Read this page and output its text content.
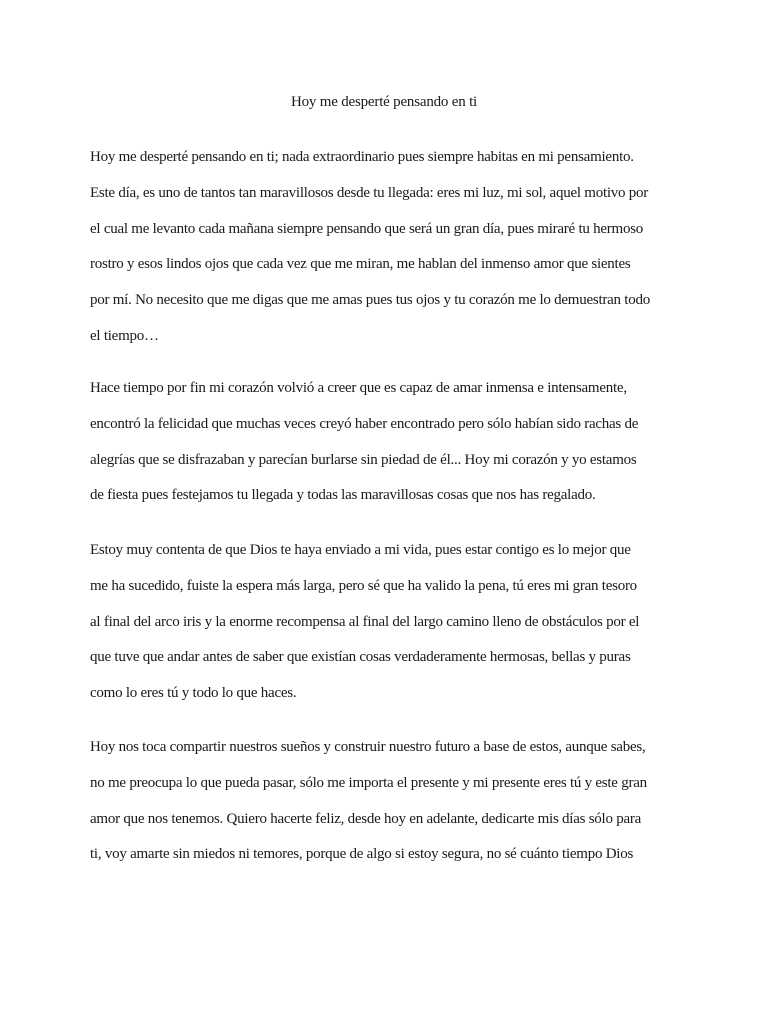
Hoy me desperté pensando en ti
Hoy me desperté pensando en ti; nada extraordinario pues siempre habitas en mi pensamiento.
Este día, es uno de tantos tan maravillosos desde tu llegada: eres mi luz, mi sol, aquel motivo por
el cual me levanto cada mañana siempre pensando que será un gran día, pues miraré tu hermoso
rostro y esos lindos ojos que cada vez que me miran, me hablan del inmenso amor que sientes
por mí. No necesito que me digas que me amas pues tus ojos y tu corazón me lo demuestran todo
el tiempo…
Hace tiempo por fin mi corazón volvió a creer que es capaz de amar inmensa e intensamente,
encontró la felicidad que muchas veces creyó haber encontrado pero sólo habían sido rachas de
alegrías que se disfrazaban y parecían burlarse sin piedad de él... Hoy mi corazón y yo estamos
de fiesta pues festejamos tu llegada y todas las maravillosas cosas que nos has regalado.
Estoy muy contenta de que Dios te haya enviado a mi vida, pues estar contigo es lo mejor que
me ha sucedido, fuiste la espera más larga, pero sé que ha valido la pena, tú eres mi gran tesoro
al final del arco iris y la enorme recompensa al final del largo camino lleno de obstáculos por el
que tuve que andar antes de saber que existían cosas verdaderamente hermosas, bellas y puras
como lo eres tú y todo lo que haces.
Hoy nos toca compartir nuestros sueños y construir nuestro futuro a base de estos, aunque sabes,
no me preocupa lo que pueda pasar, sólo me importa el presente y mi presente eres tú y este gran
amor que nos tenemos. Quiero hacerte feliz, desde hoy en adelante, dedicarte mis días sólo para
ti, voy amarte sin miedos ni temores, porque de algo si estoy segura, no sé cuánto tiempo Dios
